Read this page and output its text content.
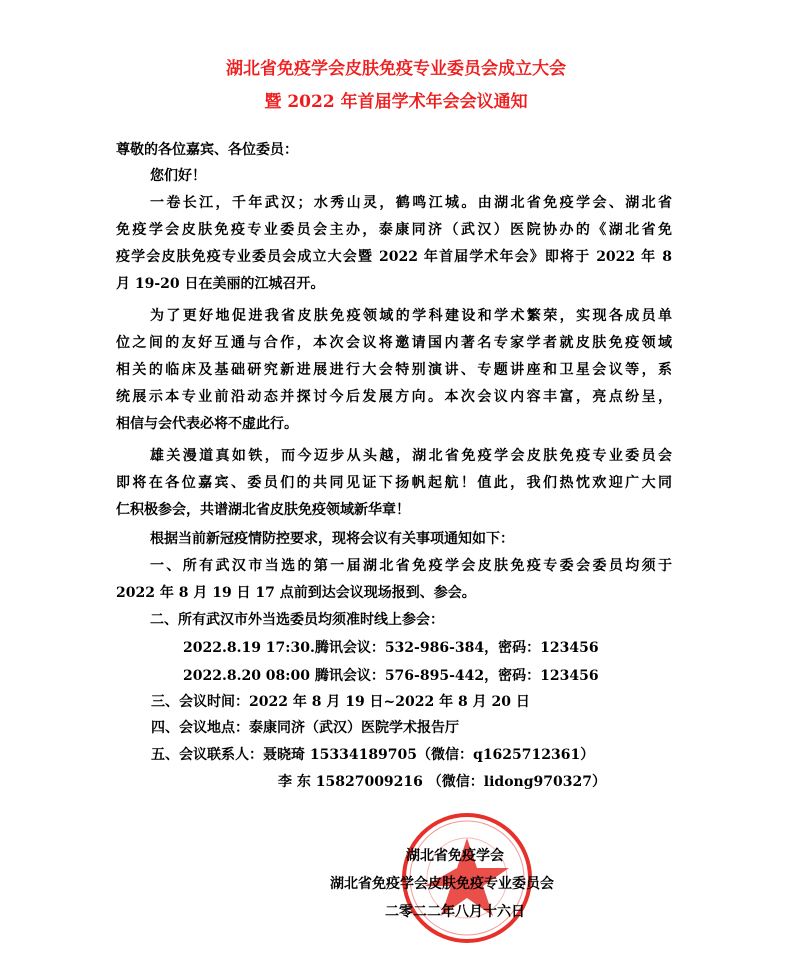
湖北省免疫学会皮肤免疫专业委员会成立大会
暨 2022 年首届学术年会会议通知
尊敬的各位嘉宾、各位委员：
您们好！
一卷长江，千年武汉；水秀山灵，鹤鸣江城。由湖北省免疫学会、湖北省
免疫学会皮肤免疫专业委员会主办，泰康同济（武汉）医院协办的《湖北省免
疫学会皮肤免疫专业委员会成立大会暨 2022 年首届学术年会》即将于 2022 年 8
月 19-20 日在美丽的江城召开。
为了更好地促进我省皮肤免疫领域的学科建设和学术繁荣，实现各成员单
位之间的友好互通与合作，本次会议将邀请国内著名专家学者就皮肤免疫领域
相关的临床及基础研究新进展进行大会特别演讲、专题讲座和卫星会议等，系
统展示本专业前沿动态并探讨今后发展方向。本次会议内容丰富，亮点纷呈，
相信与会代表必将不虚此行。
雄关漫道真如铁，而今迈步从头越，湖北省免疫学会皮肤免疫专业委员会
即将在各位嘉宾、委员们的共同见证下扬帆起航！值此，我们热忱欢迎广大同
仁积极参会，共谱湖北省皮肤免疫领域新华章！
根据当前新冠疫情防控要求，现将会议有关事项通知如下：
一、所有武汉市当选的第一届湖北省免疫学会皮肤免疫专委会委员均须于
2022 年 8 月 19 日 17 点前到达会议现场报到、参会。
二、所有武汉市外当选委员均须准时线上参会：
2022.8.19 17:30.腾讯会议：532-986-384，密码：123456
2022.8.20 08:00 腾讯会议：576-895-442，密码：123456
三、会议时间：2022 年 8 月 19 日~2022 年 8 月 20 日
四、会议地点：泰康同济（武汉）医院学术报告厅
五、会议联系人：聂晓琦 15334189705（微信：q1625712361）
李 东 15827009216 （微信：lidong970327）
湖北省免疫学会
湖北省免疫学会皮肤免疫专业委员会
二零二二年八月十六日
